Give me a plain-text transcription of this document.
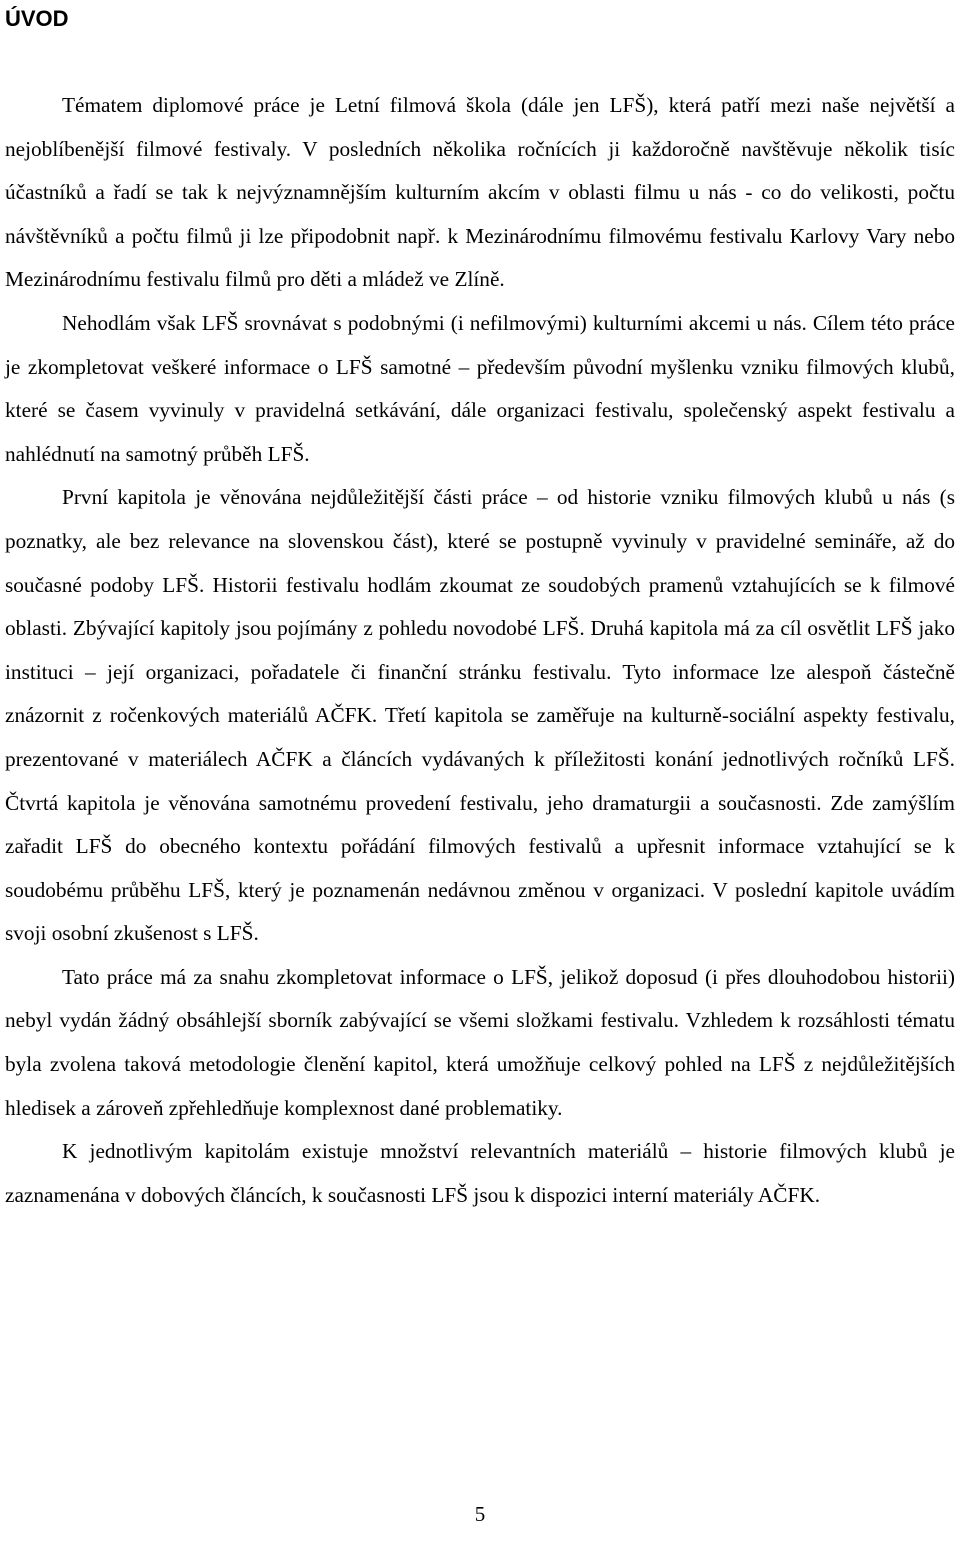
ÚVOD

Tématem diplomové práce je Letní filmová škola (dále jen LFŠ), která patří mezi naše největší a nejoblíbenější filmové festivaly. V posledních několika ročnících ji každoročně navštěvuje několik tisíc účastníků a řadí se tak k nejvýznamnějším kulturním akcím v oblasti filmu u nás - co do velikosti, počtu návštěvníků a počtu filmů ji lze připodobnit např. k Mezinárodnímu filmovému festivalu Karlovy Vary nebo Mezinárodnímu festivalu filmů pro děti a mládež ve Zlíně.

Nehodlám však LFŠ srovnávat s podobnými (i nefilmovými) kulturními akcemi u nás. Cílem této práce je zkompletovat veškeré informace o LFŠ samotné – především původní myšlenku vzniku filmových klubů, které se časem vyvinuly v pravidelná setkávání, dále organizaci festivalu, společenský aspekt festivalu a nahlédnutí na samotný průběh LFŠ.

První kapitola je věnována nejdůležitější části práce – od historie vzniku filmových klubů u nás (s poznatky, ale bez relevance na slovenskou část), které se postupně vyvinuly v pravidelné semináře, až do současné podoby LFŠ. Historii festivalu hodlám zkoumat ze soudobých pramenů vztahujících se k filmové oblasti. Zbývající kapitoly jsou pojímány z pohledu novodobé LFŠ. Druhá kapitola má za cíl osvětlit LFŠ jako instituci – její organizaci, pořadatele či finanční stránku festivalu. Tyto informace lze alespoň částečně znázornit z ročenkových materiálů AČFK. Třetí kapitola se zaměřuje na kulturně-sociální aspekty festivalu, prezentované v materiálech AČFK a článcích vydávaných k příležitosti konání jednotlivých ročníků LFŠ. Čtvrtá kapitola je věnována samotnému provedení festivalu, jeho dramaturgii a současnosti. Zde zamýšlím zařadit LFŠ do obecného kontextu pořádání filmových festivalů a upřesnit informace vztahující se k soudobému průběhu LFŠ, který je poznamenán nedávnou změnou v organizaci. V poslední kapitole uvádím svoji osobní zkušenost s LFŠ.

Tato práce má za snahu zkompletovat informace o LFŠ, jelikož doposud (i přes dlouhodobou historii) nebyl vydán žádný obsáhlejší sborník zabývající se všemi složkami festivalu. Vzhledem k rozsáhlosti tématu byla zvolena taková metodologie členění kapitol, která umožňuje celkový pohled na LFŠ z nejdůležitějších hledisek a zároveň zpřehledňuje komplexnost dané problematiky.

K jednotlivým kapitolám existuje množství relevantních materiálů – historie filmových klubů je zaznamenána v dobových článcích, k současnosti LFŠ jsou k dispozici interní materiály AČFK.

5
